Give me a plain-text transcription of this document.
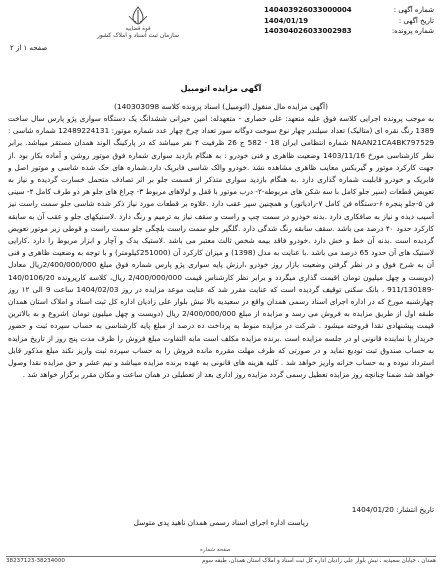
شماره آگهی :
140403926033000004
تاریخ آگهی :
1404/01/19
شماره پرونده:
140304026033002983
قوه قضاییه
سازمان ثبت اسناد و املاک کشور
صفحه ۱ از ۲
آگهی مزایده اتومبیل
(آگهی مزایده مال منقول (اتومبیل) اسناد پرونده کلاسه 140303098)
به موجب پرونده اجرایی کلاسه فوق علیه متعهد: علی حصاری - متعهدله: امین حیرانی ششدانگ یک دستگاه سواری پژو پارس سال ساخت 1389 رنگ نقره ای (متالیک) تعداد سیلندر چهار نوع سوخت دوگانه سوز تعداد چرخ چهار عدد شماره موتور: 12489224131 شماره شاسی : NAAN21CA4BK797529 شماره انتظامی ایران 18 - 582 ج 26 ظرفیت ۴ نفر میباشد که در پارکینگ الوند همدان مستقر میباشد. برابر نظر کارشناسی مورخ 1403/11/16 وضعیت ظاهری و فنی خودرو : به هنگام بازدید سواری شماره فوق موتور روشن و آماده بکار بود .از جهت کارکرد موتور و گیربکس معایب ظاهری مشاهده نشد .خودرو والک شاسی فابریک دارد.شماره های حک شده شاسی و موتور اصل و فابریک و خودرو قابلیت شماره گذاری دارد .به هنگام بازدید سواری متذکر از قسمت جلو بر اثر تصادف متحمل خسارت گردیده و نیاز به تعویض قطعات (سپر جلو کامل با سه شکن های مربوطه-۲- درب موتور با قفل و لولاهای مربوط ۳- چراغ های جلو هر دو طرف کامل ۴- سینی فن ۵-جلو پنجره ۶-دستگاه فن کامل ۷-رادیاتور) و همچنین سپر عقب دارد .علاوه بر قطعات مورد نیاز ذکر شده شاسی جلو سمت راست نیز آسیب دیده و نیاز به صافکاری دارد .بدنه خودرو در سمت چپ و راست و سقف نیاز به ترمیم و رنگ دارد .لاستیکهای جلو و عقب آن به سابقه کارکرد حدود ۴۰ درصد می باشد .سقف سابقه رنگ شدگی دارد .گلگیر جلو سمت راست بلچگی جلو سمت راست و قوطی زیر موتور تعویض گردیده است .بدنه آن خط و خش دارد .خودرو فاقد بیمه شخص ثالث معتبر می باشد .لاستیک یدک و آچار و ابزار مربوط را دارد .کارایی لاستیک های آن حدود 65 درصد می باشد .با عنایت به مدل (1398) و میزان کارکرد آن (251000کیلومتر) و با توجه به وضعیت ظاهری و فنی آن به شرح فوق و در نظر گرفتن وضعیت بازار روز خودرو ،ارزش پایه سواری پژو پارس شماره فوق مبلغ 2/400/000/000ریال معادل (دویست و چهل میلیون تومان )قیمت گذاری میگردد و برابر نظر کارشناس قیمت 2/400/000/000 ریال، کلاسه کارپرونده 140/0106/20 -911/130189 ، بانک سکنی توقیف گردیده است که عنایت مقرر شد که عنایت موعد مزایده در روز 1404/02/03 ساعت 9 الی ۱۲ روز چهارشنبه مورخ که در اداره اجرای اسناد رسمی همدان واقع در سعیدیه بالا نبش بلوار علی زادیان اداره کل ثبت اسناد و املاک استان همدان طبقه اول از طریق مزایده به فروش می رسد و مزایده از مبلغ 2/400/000/000 ریال (دویست و چهل میلیون تومان )شروع و به بالاترین قیمت پیشنهادی نقدا فروخته میشود . شرکت در مزایده منوط به پرداخت ده درصد از مبلغ پایه کارشناسی به حساب سپرده ثبت و حضور خریدار یا نماینده قانونی او در جلسه مزایده است .برنده مزایده مکلف است مابه التفاوت مبلغ فروش را ظرف مدت پنج روز از تاریخ مزایده به حساب صندوق ثبت تودیع نماید و در صورتی که ظرف مهلت مقرره مانده فروش را به حساب سپرده ثبت واریز نکند مبلغ مذکور قابل استرداد نبوده و به حساب خزانه واریز خواهد شد . کلیه هزینه های قانونی به عهده برنده مزایده میباشد و نیم عشر و حق مزایده نقدا وصول خواهد شد ضمنا چنانچه روز مزایده تعطیل رسمی گردد مزایده روز اداری بعد از تعطیلی در همان ساعت و مکان مقرر برگزار خواهد شد .
تاریخ انتشار: 1404/01/20
ریاست اداره اجرای اسناد رسمی همدان ناهید پدی متوسل
صفحه شماره
همدان ، خیابان سعیدیه ، نبش بلوار علی زادیان اداره کل ثبت اسناد و املاک استان همدان، طبقه سوم
38237123-38234000
